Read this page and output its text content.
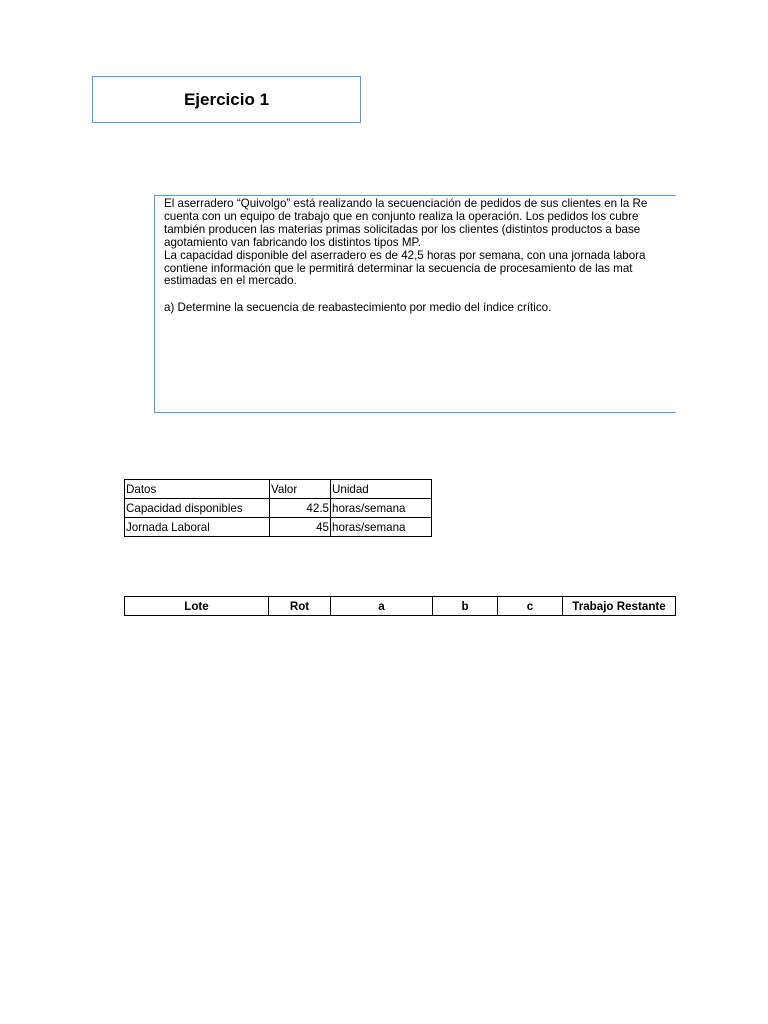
Ejercicio 1
El aserradero “Quivolgo” está realizando la secuenciación de pedidos de sus clientes en la Re
cuenta con un equipo de trabajo que en conjunto realiza la operación. Los pedidos los cubre
también producen las materias primas solicitadas por los clientes (distintos productos a base
agotamiento van fabricando los distintos tipos MP.
La capacidad disponible del aserradero es de 42,5 horas por semana, con una jornada labora
contiene información que le permitirá determinar la secuencia de procesamiento de las mat
estimadas en el mercado.
a) Determine la secuencia de reabastecimiento por medio del índice crítico.
Datos	Valor	Unidad
Capacidad disponibles	42.5	horas/semana
Jornada Laboral	45	horas/semana
Lote	Rot	a	b	c	Trabajo Restante
